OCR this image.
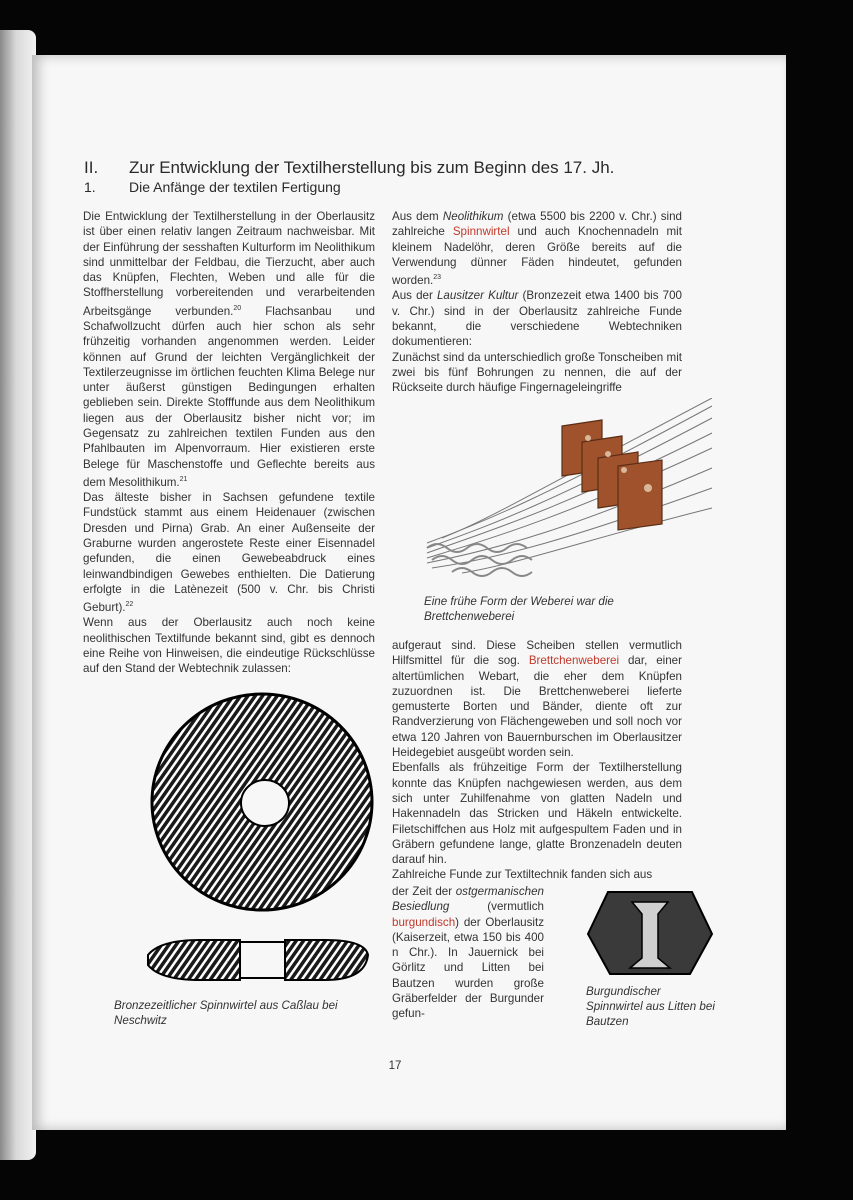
II. Zur Entwicklung der Textilherstellung bis zum Beginn des 17. Jh.
1. Die Anfänge der textilen Fertigung

Die Entwicklung der Textilherstellung in der Oberlausitz ist über einen relativ langen Zeitraum nachweisbar. Mit der Einführung der sesshaften Kulturform im Neolithikum sind unmittelbar der Feldbau, die Tierzucht, aber auch das Knüpfen, Flechten, Weben und alle für die Stoffherstellung vorbereitenden und verarbeitenden Arbeitsgänge verbunden.$^{20}$ Flachsanbau und Schafwollzucht dürfen auch hier schon als sehr frühzeitig vorhanden angenommen werden. Leider können auf Grund der leichten Vergänglichkeit der Textilerzeugnisse im örtlichen feuchten Klima Belege nur unter äußerst günstigen Bedingungen erhalten geblieben sein. Direkte Stofffunde aus dem Neolithikum liegen aus der Oberlausitz bisher nicht vor; im Gegensatz zu zahlreichen textilen Funden aus den Pfahlbauten im Alpenvorraum. Hier existieren erste Belege für Maschenstoffe und Geflechte bereits aus dem Mesolithikum.$^{21}$

Das älteste bisher in Sachsen gefundene textile Fundstück stammt aus einem Heidenauer (zwischen Dresden und Pirna) Grab. An einer Außenseite der Graburne wurden angerostete Reste einer Eisennadel gefunden, die einen Gewebeabdruck eines leinwandbindigen Gewebes enthielten. Die Datierung erfolgte in die Latènezeit (500 v. Chr. bis Christi Geburt).$^{22}$

Wenn aus der Oberlausitz auch noch keine neolithischen Textilfunde bekannt sind, gibt es dennoch eine Reihe von Hinweisen, die eindeutige Rückschlüsse auf den Stand der Webtechnik zulassen:

Aus dem Neolithikum (etwa 5500 bis 2200 v. Chr.) sind zahlreiche Spinnwirtel und auch Knochennadeln mit kleinem Nadelöhr, deren Größe bereits auf die Verwendung dünner Fäden hindeutet, gefunden worden.$^{23}$

Aus der Lausitzer Kultur (Bronzezeit etwa 1400 bis 700 v. Chr.) sind in der Oberlausitz zahlreiche Funde bekannt, die verschiedene Webtechniken dokumentieren:

Zunächst sind da unterschiedlich große Tonscheiben mit zwei bis fünf Bohrungen zu nennen, die auf der Rückseite durch häufige Fingernageleingriffe

Eine frühe Form der Weberei war die Brettchenweberei

aufgeraut sind. Diese Scheiben stellen vermutlich Hilfsmittel für die sog. Brettchenweberei dar, einer altertümlichen Webart, die eher dem Knüpfen zuzuordnen ist. Die Brettchenweberei lieferte gemusterte Borten und Bänder, diente oft zur Randverzierung von Flächengeweben und soll noch vor etwa 120 Jahren von Bauernburschen im Oberlausitzer Heidegebiet ausgeübt worden sein.

Ebenfalls als frühzeitige Form der Textilherstellung konnte das Knüpfen nachgewiesen werden, aus dem sich unter Zuhilfenahme von glatten Nadeln und Hakennadeln das Stricken und Häkeln entwickelte. Filetschiffchen aus Holz mit aufgespultem Faden und in Gräbern gefundene lange, glatte Bronzenadeln deuten darauf hin.

Zahlreiche Funde zur Textiltechnik fanden sich aus

der Zeit der ostgermanischen Besiedlung (vermutlich burgundisch) der Oberlausitz (Kaiserzeit, etwa 150 bis 400 n Chr.). In Jauernick bei Görlitz und Litten bei Bautzen wurden große Gräberfelder der Burgunder gefun-

Bronzezeitlicher Spinnwirtel aus Caßlau bei Neschwitz
Burgundischer Spinnwirtel aus Litten bei Bautzen
17
